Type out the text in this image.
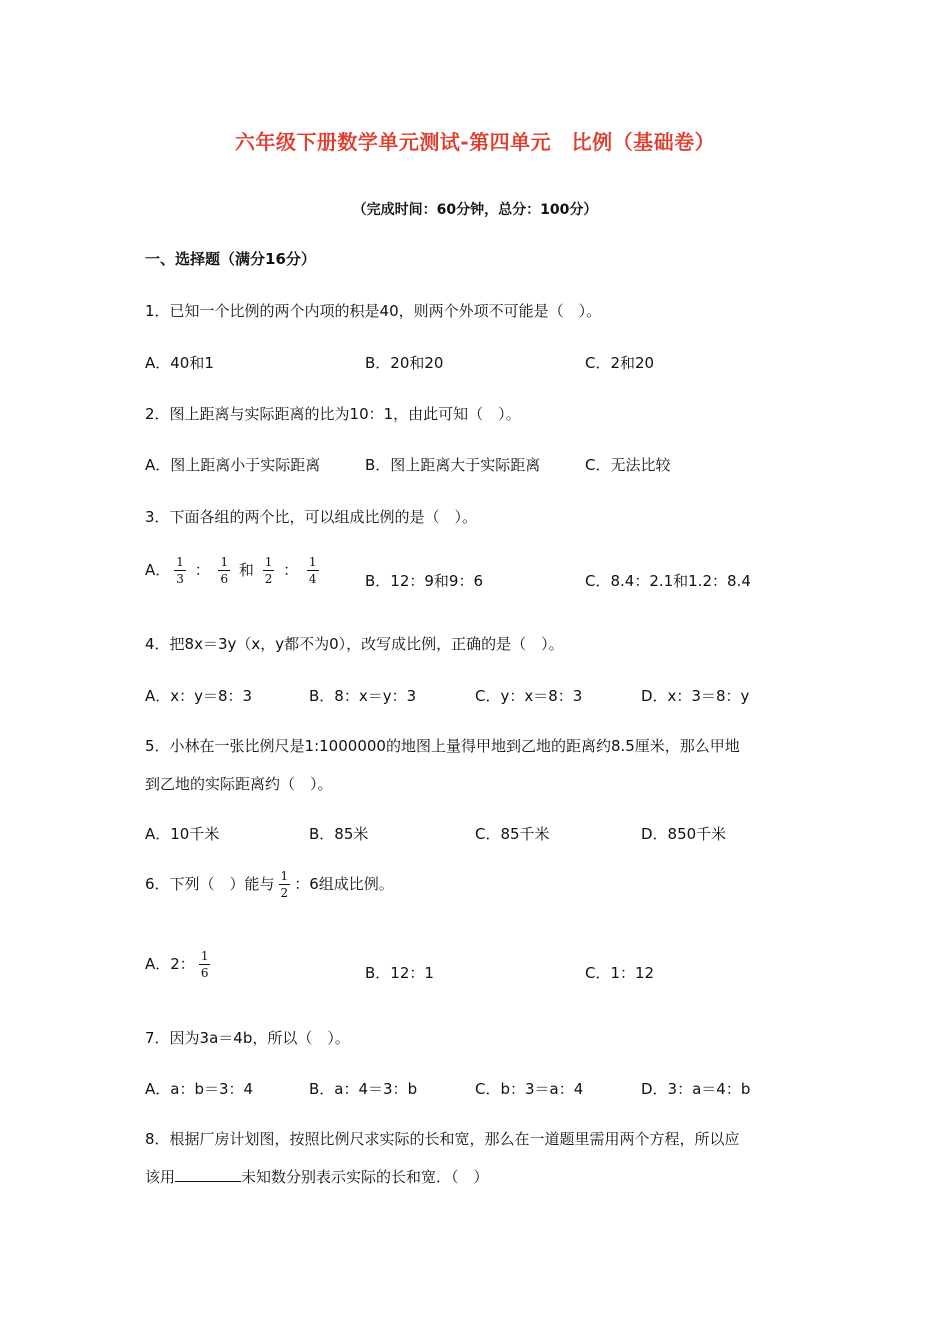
六年级下册数学单元测试-第四单元　比例（基础卷）
（完成时间：60分钟，总分：100分）
一、选择题（满分16分）
1．已知一个比例的两个内项的积是40，则两个外项不可能是（　）。
A．40和1	B．20和20	C．2和20
2．图上距离与实际距离的比为10：1，由此可知（　）。
A．图上距离小于实际距离	B．图上距离大于实际距离	C．无法比较
3．下面各组的两个比，可以组成比例的是（　）。
A． $\frac{1}{3}$ ： $\frac{1}{6}$ 和 $\frac{1}{2}$ ： $\frac{1}{4}$	B．12：9和9：6	C．8.4：2.1和1.2：8.4
4．把8x＝3y（x，y都不为0），改写成比例，正确的是（　）。
A．x：y＝8：3	B．8：x＝y：3	C．y：x＝8：3	D．x：3＝8：y
5．小林在一张比例尺是1:1000000的地图上量得甲地到乙地的距离约8.5厘米，那么甲地
到乙地的实际距离约（　）。
A．10千米	B．85米	C．85千米	D．850千米
6．下列（　）能与 $\frac{1}{2}$ ：6组成比例。
A．2： $\frac{1}{6}$	B．12：1	C．1：12
7．因为3a＝4b，所以（　）。
A．a：b＝3：4	B．a：4＝3：b	C．b：3＝a：4	D．3：a＝4：b
8．根据厂房计划图，按照比例尺求实际的长和宽，那么在一道题里需用两个方程，所以应
该用	未知数分别表示实际的长和宽．（　）
